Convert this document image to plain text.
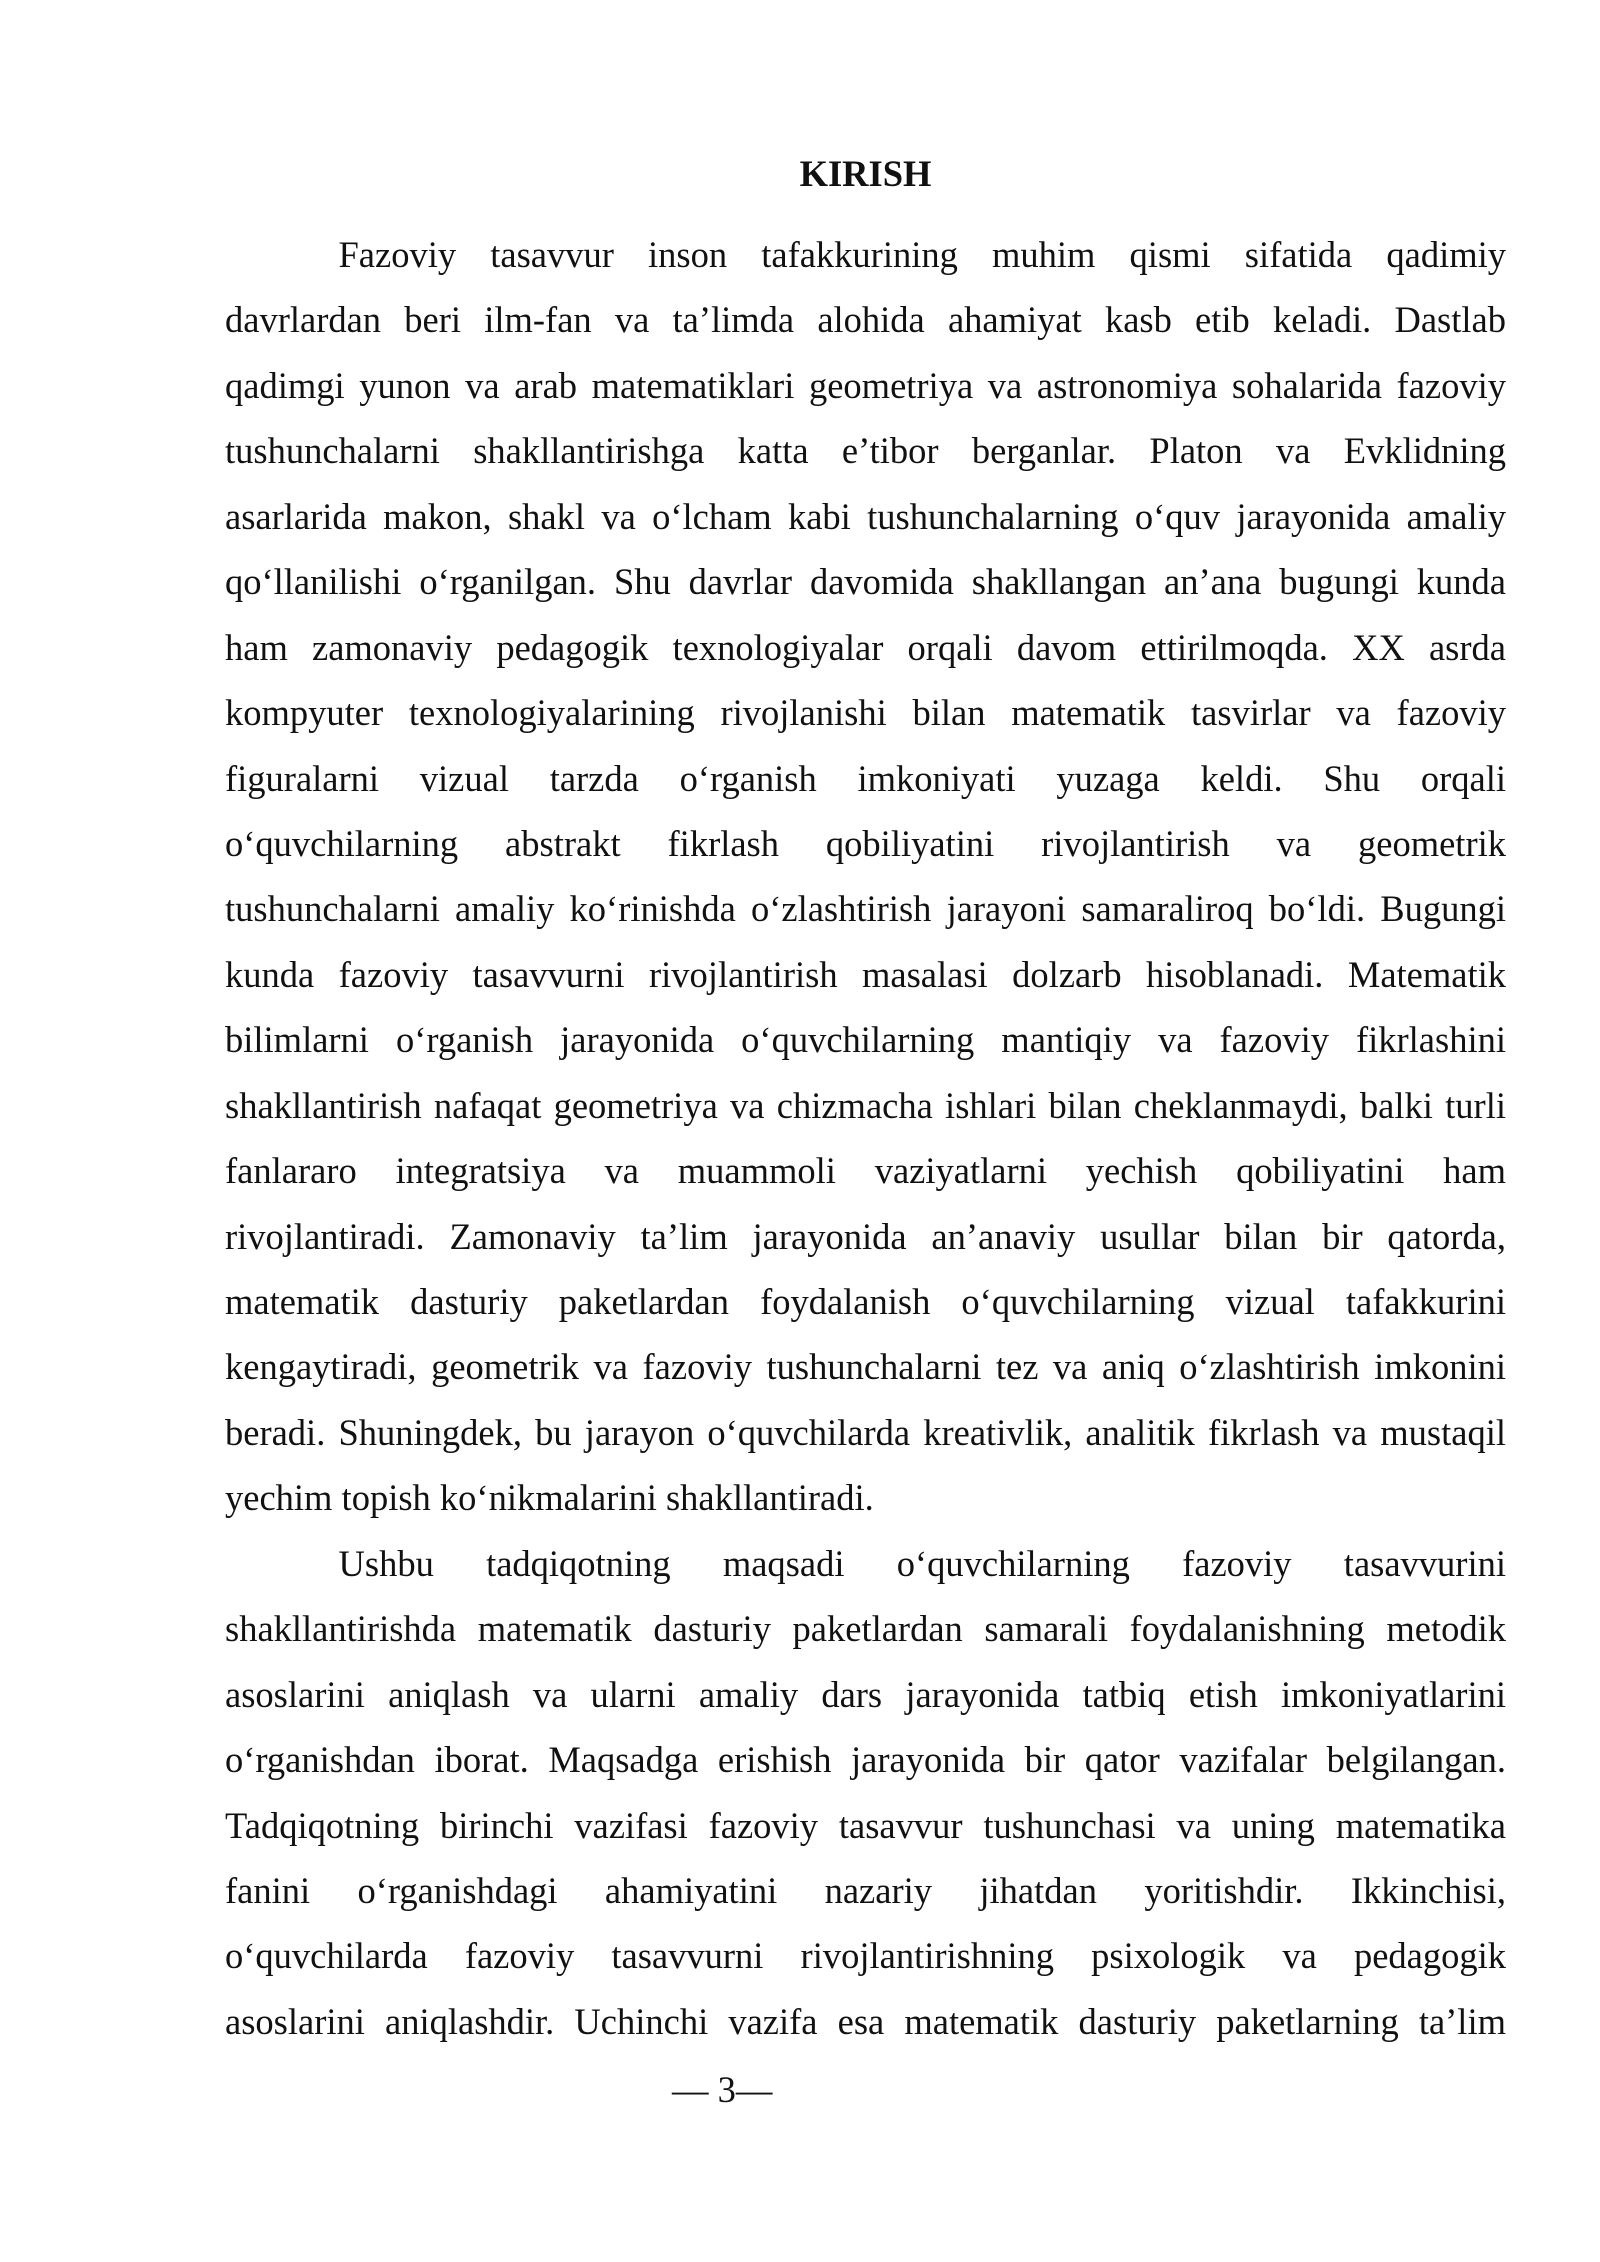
KIRISH
Fazoviy tasavvur inson tafakkurining muhim qismi sifatida qadimiy
davrlardan beri ilm-fan va ta’limda alohida ahamiyat kasb etib keladi. Dastlab
qadimgi yunon va arab matematiklari geometriya va astronomiya sohalarida fazoviy
tushunchalarni shakllantirishga katta e’tibor berganlar. Platon va Evklidning
asarlarida makon, shakl va o‘lcham kabi tushunchalarning o‘quv jarayonida amaliy
qo‘llanilishi o‘rganilgan. Shu davrlar davomida shakllangan an’ana bugungi kunda
ham zamonaviy pedagogik texnologiyalar orqali davom ettirilmoqda. XX asrda
kompyuter texnologiyalarining rivojlanishi bilan matematik tasvirlar va fazoviy
figuralarni vizual tarzda o‘rganish imkoniyati yuzaga keldi. Shu orqali
o‘quvchilarning abstrakt fikrlash qobiliyatini rivojlantirish va geometrik
tushunchalarni amaliy ko‘rinishda o‘zlashtirish jarayoni samaraliroq bo‘ldi. Bugungi
kunda fazoviy tasavvurni rivojlantirish masalasi dolzarb hisoblanadi. Matematik
bilimlarni o‘rganish jarayonida o‘quvchilarning mantiqiy va fazoviy fikrlashini
shakllantirish nafaqat geometriya va chizmacha ishlari bilan cheklanmaydi, balki turli
fanlararo integratsiya va muammoli vaziyatlarni yechish qobiliyatini ham
rivojlantiradi. Zamonaviy ta’lim jarayonida an’anaviy usullar bilan bir qatorda,
matematik dasturiy paketlardan foydalanish o‘quvchilarning vizual tafakkurini
kengaytiradi, geometrik va fazoviy tushunchalarni tez va aniq o‘zlashtirish imkonini
beradi. Shuningdek, bu jarayon o‘quvchilarda kreativlik, analitik fikrlash va mustaqil
yechim topish ko‘nikmalarini shakllantiradi.
Ushbu tadqiqotning maqsadi o‘quvchilarning fazoviy tasavvurini
shakllantirishda matematik dasturiy paketlardan samarali foydalanishning metodik
asoslarini aniqlash va ularni amaliy dars jarayonida tatbiq etish imkoniyatlarini
o‘rganishdan iborat. Maqsadga erishish jarayonida bir qator vazifalar belgilangan.
Tadqiqotning birinchi vazifasi fazoviy tasavvur tushunchasi va uning matematika
fanini o‘rganishdagi ahamiyatini nazariy jihatdan yoritishdir. Ikkinchisi,
o‘quvchilarda fazoviy tasavvurni rivojlantirishning psixologik va pedagogik
asoslarini aniqlashdir. Uchinchi vazifa esa matematik dasturiy paketlarning ta’lim
— 3—
